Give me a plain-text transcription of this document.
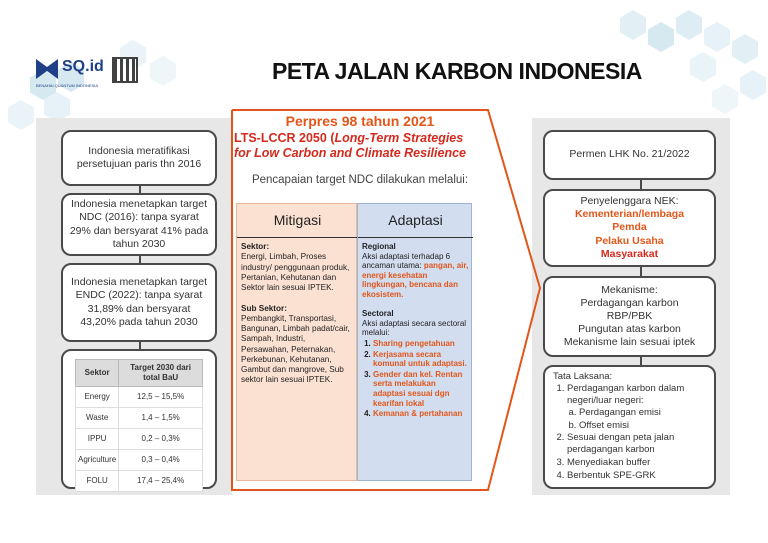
SQ.id
BENAHAI QUANTUM INDONESIA
PETA JALAN KARBON INDONESIA
Indonesia meratifikasi persetujuan paris thn 2016
Indonesia menetapkan target NDC (2016): tanpa syarat 29% dan bersyarat 41% pada tahun 2030
Indonesia menetapkan target ENDC (2022): tanpa syarat 31,89% dan bersyarat 43,20% pada tahun 2030
Sektor	Target 2030 dari total BaU
Energy	12,5 – 15,5%
Waste	1,4 – 1,5%
IPPU	0,2 – 0,3%
Agriculture	0,3 – 0,4%
FOLU	17,4 – 25,4%
Permen LHK No. 21/2022
Penyelenggara NEK:
Kementerian/lembaga
Pemda
Pelaku Usaha
Masyarakat
Mekanisme:
Perdagangan karbon
RBP/PBK
Pungutan atas karbon
Mekanisme lain sesuai iptek
Tata Laksana:
1. Perdagangan karbon dalam negeri/luar negeri:
a. Perdagangan emisi
b. Offset emisi
2. Sesuai dengan peta jalan perdagangan karbon
3. Menyediakan buffer
4. Berbentuk SPE-GRK
Perpres 98 tahun 2021
LTS-LCCR 2050 (Long-Term Strategies
for Low Carbon and Climate Resilience
Pencapaian target NDC dilakukan melalui:
Mitigasi
Sektor:
Energi, Limbah, Proses industry/ penggunaan produk, Pertanian, Kehutanan dan Sektor lain sesuai IPTEK.

Sub Sektor:
Pembangkit, Transportasi, Bangunan, Limbah padat/cair, Sampah, Industri, Persawahan, Peternakan, Perkebunan, Kehutanan, Gambut dan mangrove, Sub sektor lain sesuai IPTEK.
Adaptasi
Regional
Aksi adaptasi terhadap 6 ancaman utama: pangan, air, energi kesehatan lingkungan, bencana dan ekosistem.

Sectoral
Aksi adaptasi secara sectoral melalui:
1. Sharing pengetahuan
2. Kerjasama secara komunal untuk adaptasi.
3. Gender dan kel. Rentan serta melakukan adaptasi sesuai dgn kearifan lokal
4. Kemanan & pertahanan
